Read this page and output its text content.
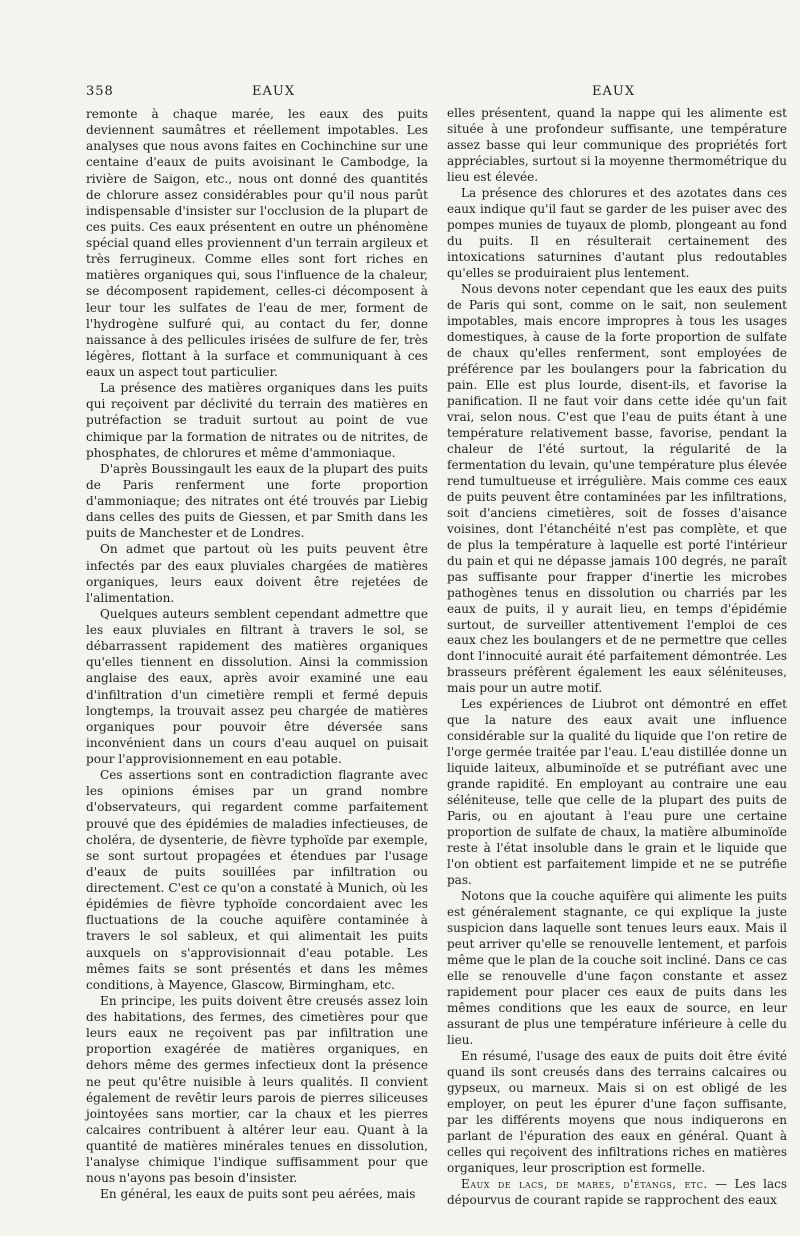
358	EAUX	EAUX

remonte à chaque marée, les eaux des puits deviennent saumâtres et réellement impotables. Les analyses que nous avons faites en Cochinchine sur une centaine d'eaux de puits avoisinant le Cambodge, la rivière de Saigon, etc., nous ont donné des quantités de chlorure assez considérables pour qu'il nous parût indispensable d'insister sur l'occlusion de la plupart de ces puits. Ces eaux présentent en outre un phénomène spécial quand elles proviennent d'un terrain argileux et très ferrugineux. Comme elles sont fort riches en matières organiques qui, sous l'influence de la chaleur, se décomposent rapidement, celles-ci décomposent à leur tour les sulfates de l'eau de mer, forment de l'hydrogène sulfuré qui, au contact du fer, donne naissance à des pellicules irisées de sulfure de fer, très légères, flottant à la surface et communiquant à ces eaux un aspect tout particulier.

La présence des matières organiques dans les puits qui reçoivent par déclivité du terrain des matières en putréfaction se traduit surtout au point de vue chimique par la formation de nitrates ou de nitrites, de phosphates, de chlorures et même d'ammoniaque.

D'après Boussingault les eaux de la plupart des puits de Paris renferment une forte proportion d'ammoniaque; des nitrates ont été trouvés par Liebig dans celles des puits de Giessen, et par Smith dans les puits de Manchester et de Londres.

On admet que partout où les puits peuvent être infectés par des eaux pluviales chargées de matières organiques, leurs eaux doivent être rejetées de l'alimentation.

Quelques auteurs semblent cependant admettre que les eaux pluviales en filtrant à travers le sol, se débarrassent rapidement des matières organiques qu'elles tiennent en dissolution. Ainsi la commission anglaise des eaux, après avoir examiné une eau d'infiltration d'un cimetière rempli et fermé depuis longtemps, la trouvait assez peu chargée de matières organiques pour pouvoir être déversée sans inconvénient dans un cours d'eau auquel on puisait pour l'approvisionnement en eau potable.

Ces assertions sont en contradiction flagrante avec les opinions émises par un grand nombre d'observateurs, qui regardent comme parfaitement prouvé que des épidémies de maladies infectieuses, de choléra, de dysenterie, de fièvre typhoïde par exemple, se sont surtout propagées et étendues par l'usage d'eaux de puits souillées par infiltration ou directement. C'est ce qu'on a constaté à Munich, où les épidémies de fièvre typhoïde concordaient avec les fluctuations de la couche aquifère contaminée à travers le sol sableux, et qui alimentait les puits auxquels on s'approvisionnait d'eau potable. Les mêmes faits se sont présentés et dans les mêmes conditions, à Mayence, Glascow, Birmingham, etc.

En principe, les puits doivent être creusés assez loin des habitations, des fermes, des cimetières pour que leurs eaux ne reçoivent pas par infiltration une proportion exagérée de matières organiques, en dehors même des germes infectieux dont la présence ne peut qu'être nuisible à leurs qualités. Il convient également de revêtir leurs parois de pierres siliceuses jointoyées sans mortier, car la chaux et les pierres calcaires contribuent à altérer leur eau. Quant à la quantité de matières minérales tenues en dissolution, l'analyse chimique l'indique suffisamment pour que nous n'ayons pas besoin d'insister.

En général, les eaux de puits sont peu aérées, mais

elles présentent, quand la nappe qui les alimente est située à une profondeur suffisante, une température assez basse qui leur communique des propriétés fort appréciables, surtout si la moyenne thermométrique du lieu est élevée.

La présence des chlorures et des azotates dans ces eaux indique qu'il faut se garder de les puiser avec des pompes munies de tuyaux de plomb, plongeant au fond du puits. Il en résulterait certainement des intoxications saturnines d'autant plus redoutables qu'elles se produiraient plus lentement.

Nous devons noter cependant que les eaux des puits de Paris qui sont, comme on le sait, non seulement impotables, mais encore impropres à tous les usages domestiques, à cause de la forte proportion de sulfate de chaux qu'elles renferment, sont employées de préférence par les boulangers pour la fabrication du pain. Elle est plus lourde, disent-ils, et favorise la panification. Il ne faut voir dans cette idée qu'un fait vrai, selon nous. C'est que l'eau de puits étant à une température relativement basse, favorise, pendant la chaleur de l'été surtout, la régularité de la fermentation du levain, qu'une température plus élevée rend tumultueuse et irrégulière. Mais comme ces eaux de puits peuvent être contaminées par les infiltrations, soit d'anciens cimetières, soit de fosses d'aisance voisines, dont l'étanchéité n'est pas complète, et que de plus la température à laquelle est porté l'intérieur du pain et qui ne dépasse jamais 100 degrés, ne paraît pas suffisante pour frapper d'inertie les microbes pathogènes tenus en dissolution ou charriés par les eaux de puits, il y aurait lieu, en temps d'épidémie surtout, de surveiller attentivement l'emploi de ces eaux chez les boulangers et de ne permettre que celles dont l'innocuité aurait été parfaitement démontrée. Les brasseurs préfèrent également les eaux séléniteuses, mais pour un autre motif.

Les expériences de Liubrot ont démontré en effet que la nature des eaux avait une influence considérable sur la qualité du liquide que l'on retire de l'orge germée traitée par l'eau. L'eau distillée donne un liquide laiteux, albuminoïde et se putréfiant avec une grande rapidité. En employant au contraire une eau séléniteuse, telle que celle de la plupart des puits de Paris, ou en ajoutant à l'eau pure une certaine proportion de sulfate de chaux, la matière albuminoïde reste à l'état insoluble dans le grain et le liquide que l'on obtient est parfaitement limpide et ne se putréfie pas.

Notons que la couche aquifère qui alimente les puits est généralement stagnante, ce qui explique la juste suspicion dans laquelle sont tenues leurs eaux. Mais il peut arriver qu'elle se renouvelle lentement, et parfois même que le plan de la couche soit incliné. Dans ce cas elle se renouvelle d'une façon constante et assez rapidement pour placer ces eaux de puits dans les mêmes conditions que les eaux de source, en leur assurant de plus une température inférieure à celle du lieu.

En résumé, l'usage des eaux de puits doit être évité quand ils sont creusés dans des terrains calcaires ou gypseux, ou marneux. Mais si on est obligé de les employer, on peut les épurer d'une façon suffisante, par les différents moyens que nous indiquerons en parlant de l'épuration des eaux en général. Quant à celles qui reçoivent des infiltrations riches en matières organiques, leur proscription est formelle.

Eaux de lacs, de mares, d'étangs, etc. — Les lacs dépourvus de courant rapide se rapprochent des eaux
